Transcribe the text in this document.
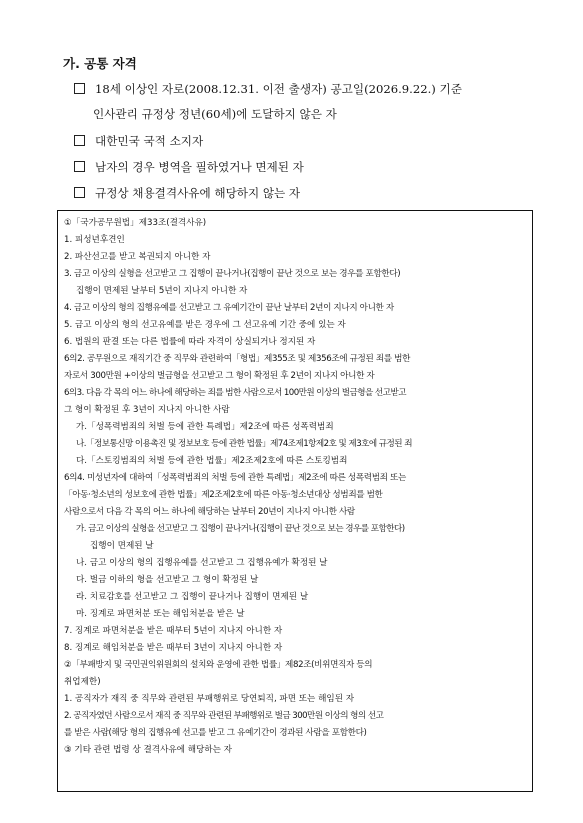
가. 공통 자격
18세 이상인 자로(2008.12.31. 이전 출생자) 공고일(2026.9.22.) 기준
인사관리 규정상 정년(60세)에 도달하지 않은 자
대한민국 국적 소지자
남자의 경우 병역을 필하였거나 면제된 자
규정상 채용결격사유에 해당하지 않는 자
①「국가공무원법」제33조(결격사유)
1. 피성년후견인
2. 파산선고를 받고 복권되지 아니한 자
3. 금고 이상의 실형을 선고받고 그 집행이 끝나거나(집행이 끝난 것으로 보는 경우를 포함한다)
집행이 면제된 날부터 5년이 지나지 아니한 자
4. 금고 이상의 형의 집행유예를 선고받고 그 유예기간이 끝난 날부터 2년이 지나지 아니한 자
5. 금고 이상의 형의 선고유예를 받은 경우에 그 선고유예 기간 중에 있는 자
6. 법원의 판결 또는 다른 법률에 따라 자격이 상실되거나 정지된 자
6의2. 공무원으로 재직기간 중 직무와 관련하여「형법」제355조 및 제356조에 규정된 죄를 범한
자로서 300만원 +이상의 벌금형을 선고받고 그 형이 확정된 후 2년이 지나지 아니한 자
6의3. 다음 각 목의 어느 하나에 해당하는 죄를 범한 사람으로서 100만원 이상의 벌금형을 선고받고
그 형이 확정된 후 3년이 지나지 아니한 사람
가.「성폭력범죄의 처벌 등에 관한 특례법」제2조에 따른 성폭력범죄
나.「정보통신망 이용촉진 및 정보보호 등에 관한 법률」제74조제1항제2호 및 제3호에 규정된 죄
다.「스토킹범죄의 처벌 등에 관한 법률」제2조제2호에 따른 스토킹범죄
6의4. 미성년자에 대하여「성폭력범죄의 처벌 등에 관한 특례법」제2조에 따른 성폭력범죄 또는
「아동·청소년의 성보호에 관한 법률」제2조제2호에 따른 아동·청소년대상 성범죄를 범한
사람으로서 다음 각 목의 어느 하나에 해당하는 날부터 20년이 지나지 아니한 사람
가. 금고 이상의 실형을 선고받고 그 집행이 끝나거나(집행이 끝난 것으로 보는 경우를 포함한다)
집행이 면제된 날
나. 금고 이상의 형의 집행유예를 선고받고 그 집행유예가 확정된 날
다. 벌금 이하의 형을 선고받고 그 형이 확정된 날
라. 치료감호를 선고받고 그 집행이 끝나거나 집행이 면제된 날
마. 징계로 파면처분 또는 해임처분을 받은 날
7. 징계로 파면처분을 받은 때부터 5년이 지나지 아니한 자
8. 징계로 해임처분을 받은 때부터 3년이 지나지 아니한 자
②「부패방지 및 국민권익위원회의 설치와 운영에 관한 법률」제82조(비위면직자 등의
취업제한)
1. 공직자가 재직 중 직무와 관련된 부패행위로 당연퇴직, 파면 또는 해임된 자
2. 공직자였던 사람으로서 재직 중 직무와 관련된 부패행위로 벌금 300만원 이상의 형의 선고
를 받은 사람(해당 형의 집행유예 선고를 받고 그 유예기간이 경과된 사람을 포함한다)
③ 기타 관련 법령 상 결격사유에 해당하는 자
